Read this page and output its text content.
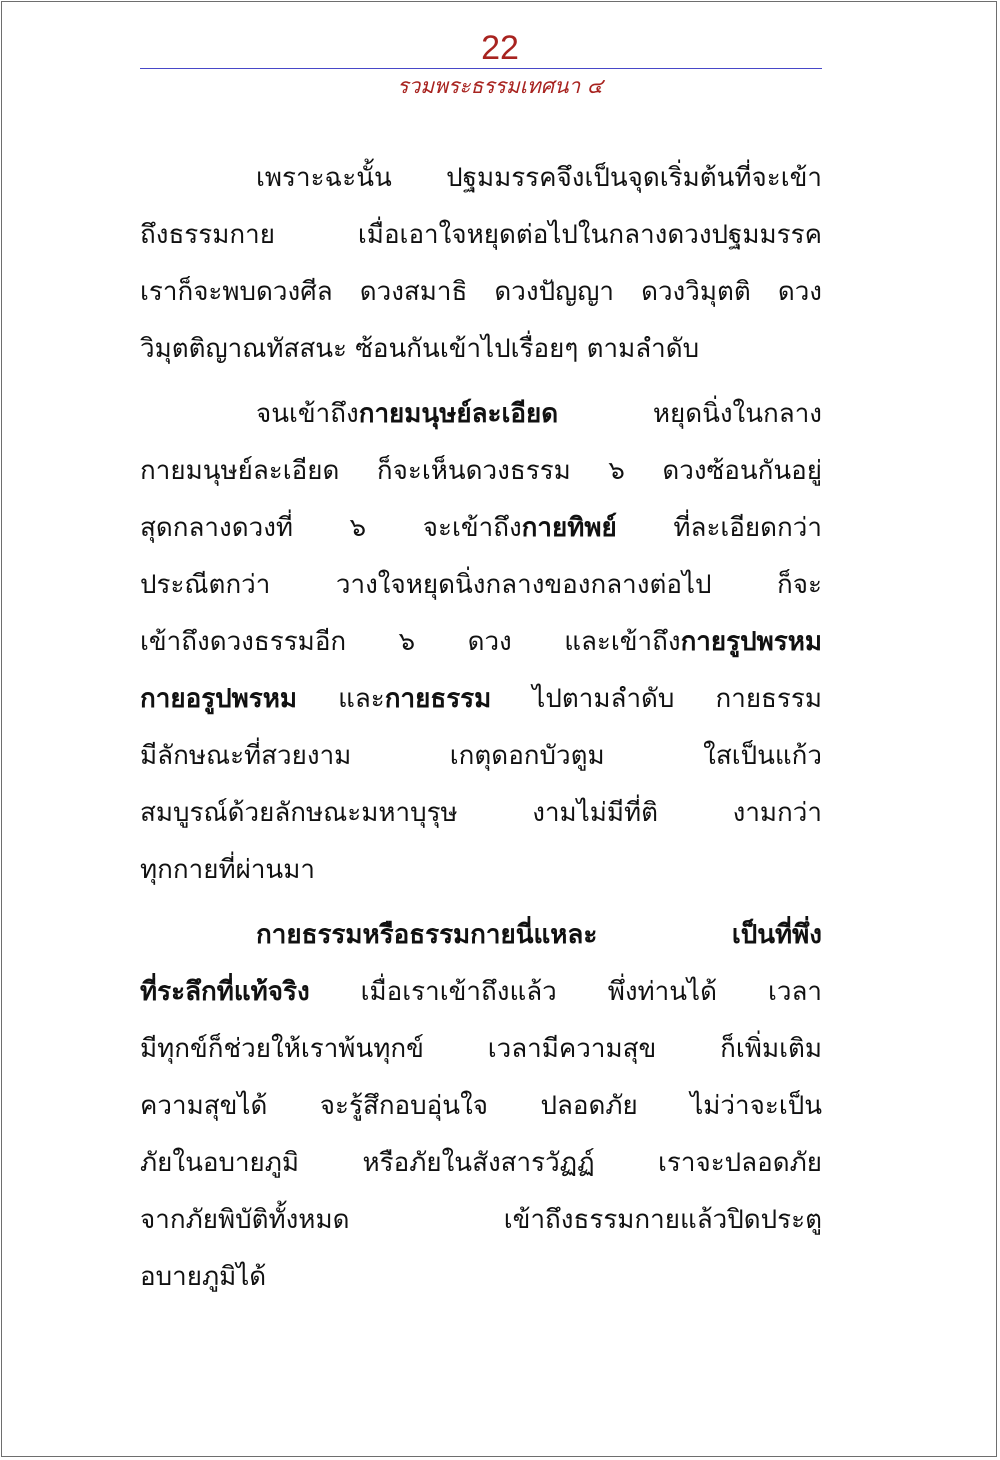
22
รวมพระธรรมเทศนา ๔
เพราะฉะนั้น ปฐมมรรคจึงเป็นจุดเริ่มต้นที่จะเข้า
ถึงธรรมกาย เมื่อเอาใจหยุดต่อไปในกลางดวงปฐมมรรค
เราก็จะพบดวงศีล ดวงสมาธิ ดวงปัญญา ดวงวิมุตติ ดวง
วิมุตติญาณทัสสนะ ซ้อนกันเข้าไปเรื่อยๆ ตามลำดับ
จนเข้าถึงกายมนุษย์ละเอียด หยุดนิ่งในกลาง
กายมนุษย์ละเอียด ก็จะเห็นดวงธรรม ๖ ดวงซ้อนกันอยู่
สุดกลางดวงที่ ๖ จะเข้าถึงกายทิพย์ ที่ละเอียดกว่า
ประณีตกว่า วางใจหยุดนิ่งกลางของกลางต่อไป ก็จะ
เข้าถึงดวงธรรมอีก ๖ ดวง และเข้าถึงกายรูปพรหม
กายอรูปพรหม และกายธรรม ไปตามลำดับ กายธรรม
มีลักษณะที่สวยงาม เกตุดอกบัวตูม ใสเป็นแก้ว
สมบูรณ์ด้วยลักษณะมหาบุรุษ งามไม่มีที่ติ งามกว่า
ทุกกายที่ผ่านมา
กายธรรมหรือธรรมกายนี่แหละ เป็นที่พึ่ง
ที่ระลึกที่แท้จริง เมื่อเราเข้าถึงแล้ว พึ่งท่านได้ เวลา
มีทุกข์ก็ช่วยให้เราพ้นทุกข์ เวลามีความสุข ก็เพิ่มเติม
ความสุขได้ จะรู้สึกอบอุ่นใจ ปลอดภัย ไม่ว่าจะเป็น
ภัยในอบายภูมิ หรือภัยในสังสารวัฏฏ์ เราจะปลอดภัย
จากภัยพิบัติทั้งหมด เข้าถึงธรรมกายแล้วปิดประตู
อบายภูมิได้
